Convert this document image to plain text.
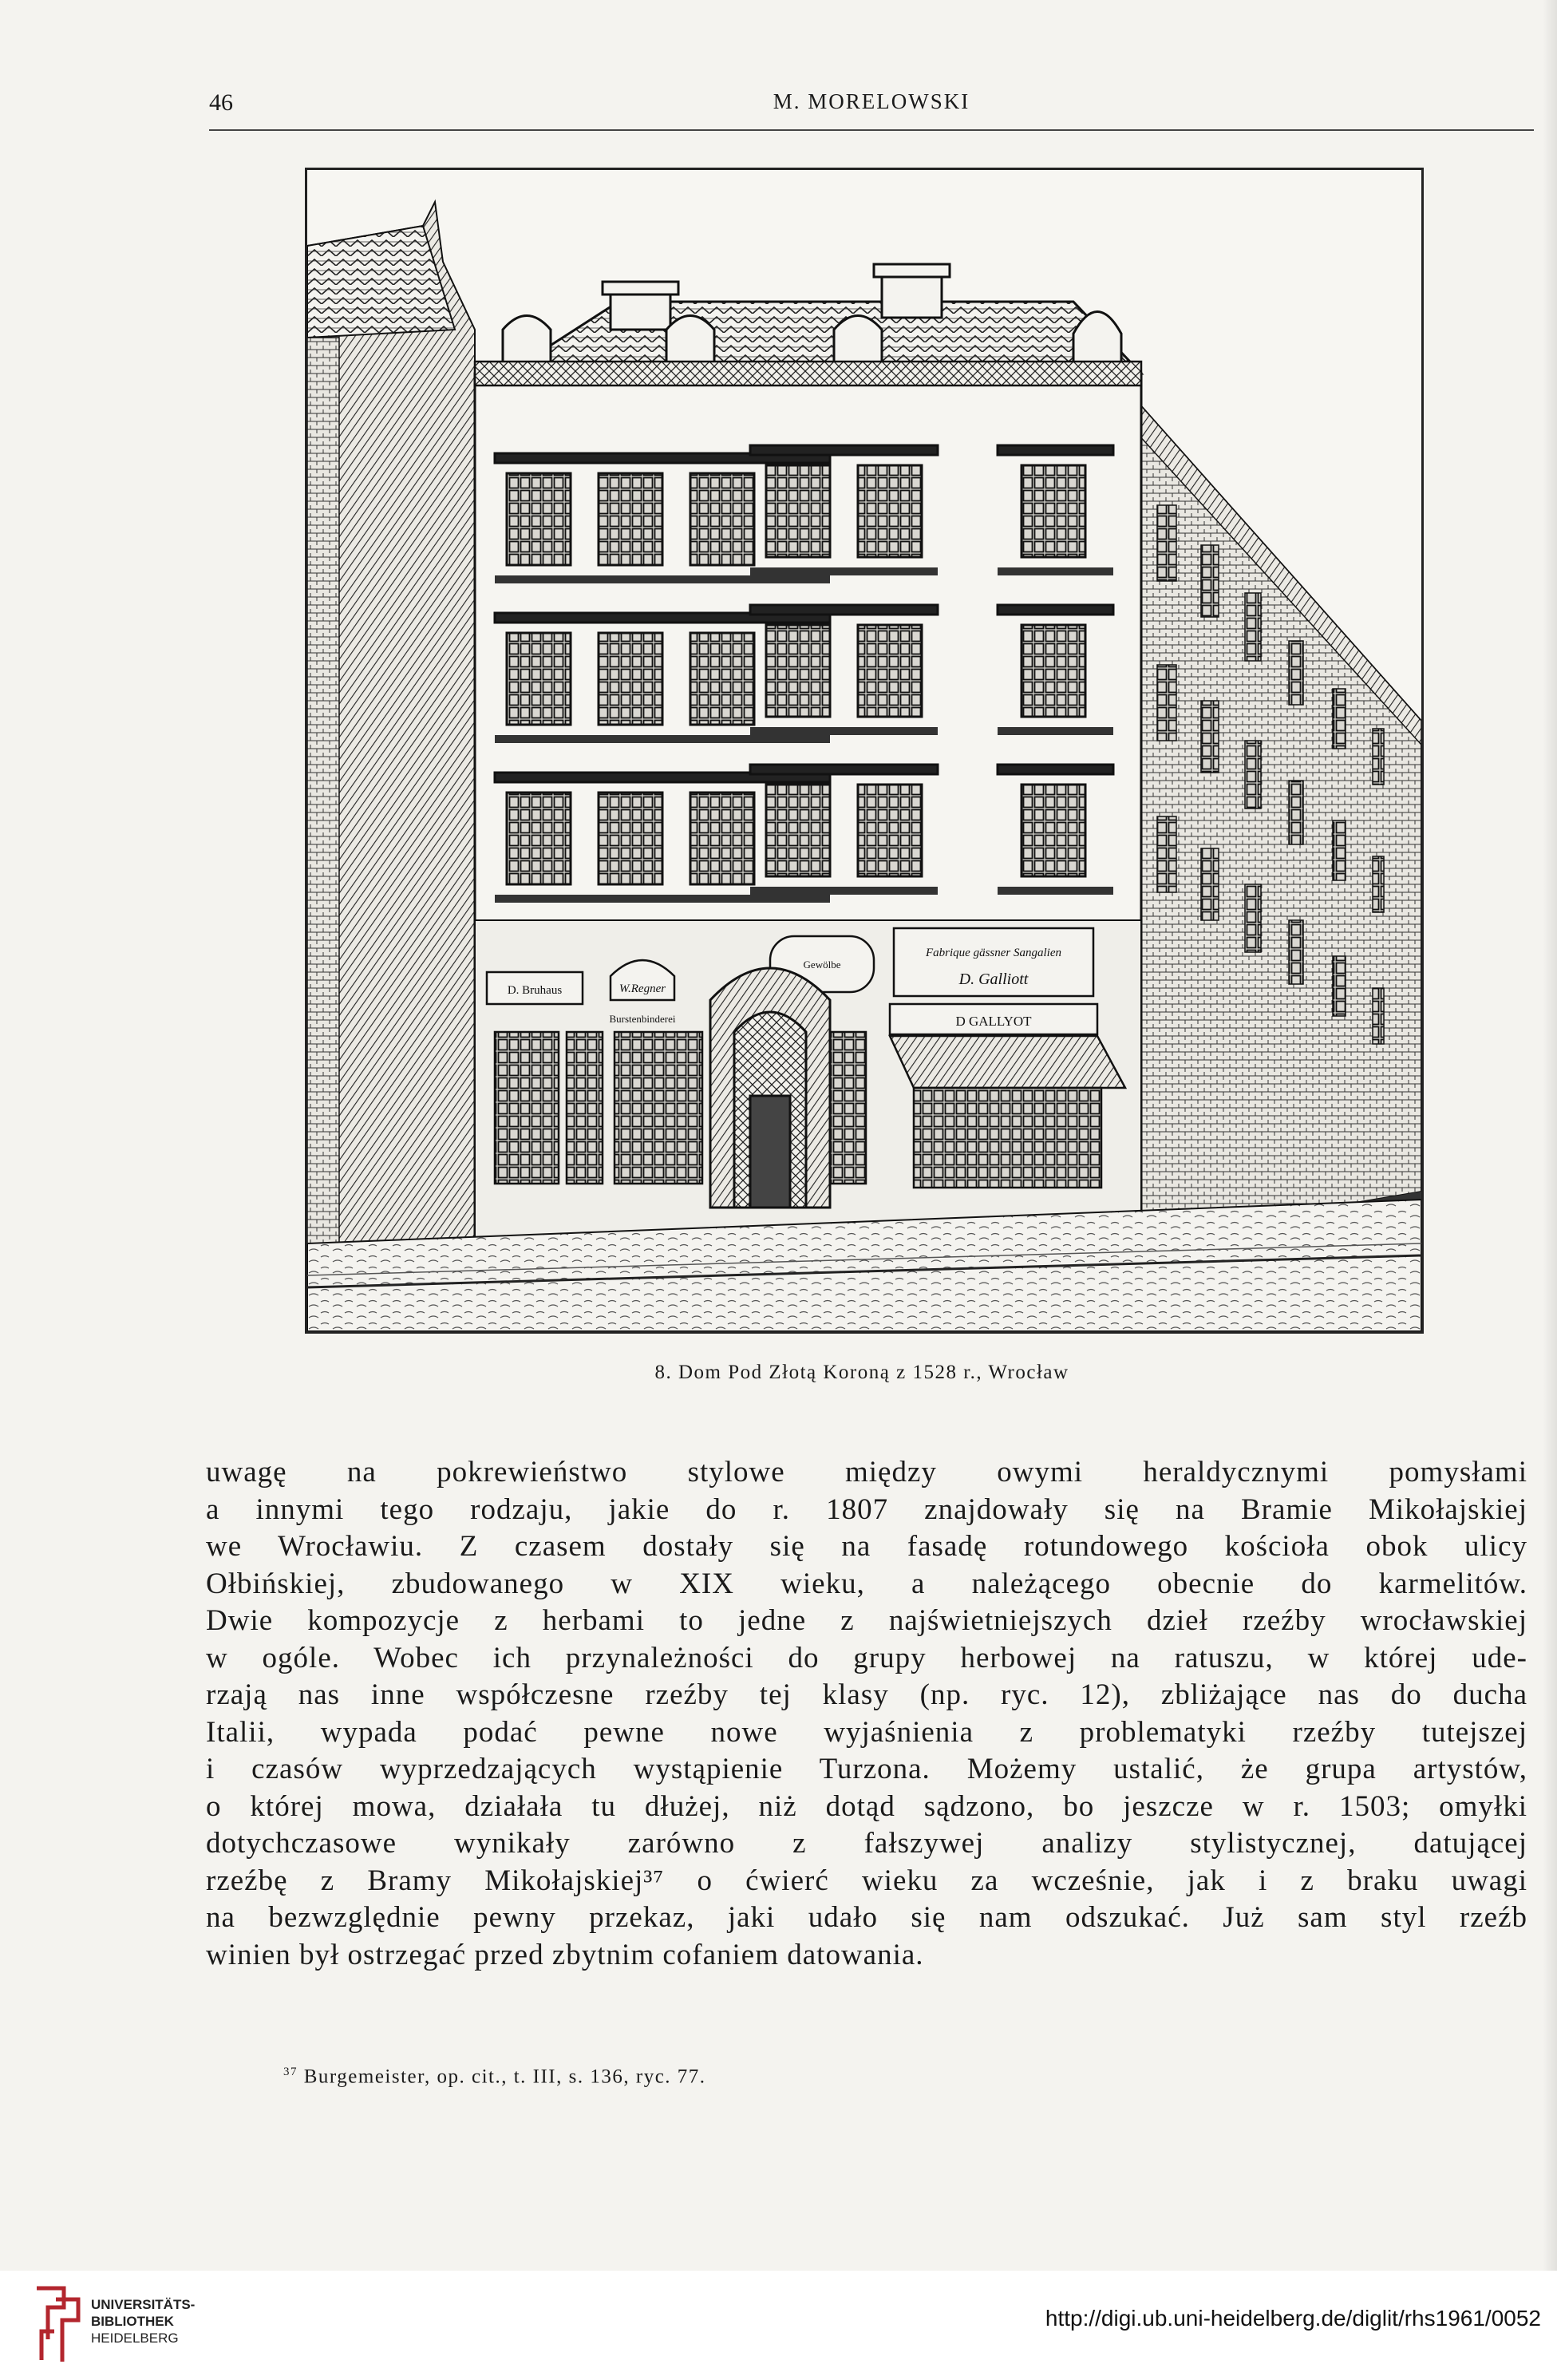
46	M. MORELOWSKI
D. Bruhaus	W.Regner
Burstenbinderei
Fabrique gässner Sangalien
D. Galliott
D GALLYOT
Gewölbe
8. Dom Pod Złotą Koroną z 1528 r., Wrocław
uwagę na pokrewieństwo stylowe między owymi heraldycznymi pomysłami
a innymi tego rodzaju, jakie do r. 1807 znajdowały się na Bramie Mikołajskiej
we Wrocławiu. Z czasem dostały się na fasadę rotundowego kościoła obok ulicy
Ołbińskiej, zbudowanego w XIX wieku, a należącego obecnie do karmelitów.
Dwie kompozycje z herbami to jedne z najświetniejszych dzieł rzeźby wrocławskiej
w ogóle. Wobec ich przynależności do grupy herbowej na ratuszu, w której ude-
rzają nas inne współczesne rzeźby tej klasy (np. ryc. 12), zbliżające nas do ducha
Italii, wypada podać pewne nowe wyjaśnienia z problematyki rzeźby tutejszej
i czasów wyprzedzających wystąpienie Turzona. Możemy ustalić, że grupa artystów,
o której mowa, działała tu dłużej, niż dotąd sądzono, bo jeszcze w r. 1503; omyłki
dotychczasowe wynikały zarówno z fałszywej analizy stylistycznej, datującej
rzeźbę z Bramy Mikołajskiej³⁷ o ćwierć wieku za wcześnie, jak i z braku uwagi
na bezwzględnie pewny przekaz, jaki udało się nam odszukać. Już sam styl rzeźb
winien był ostrzegać przed zbytnim cofaniem datowania.
$^{37}$ Burgemeister, op. cit., t. III, s. 136, ryc. 77.
UNIVERSITÄTS-
BIBLIOTHEK
HEIDELBERG
http://digi.ub.uni-heidelberg.de/diglit/rhs1961/0052
